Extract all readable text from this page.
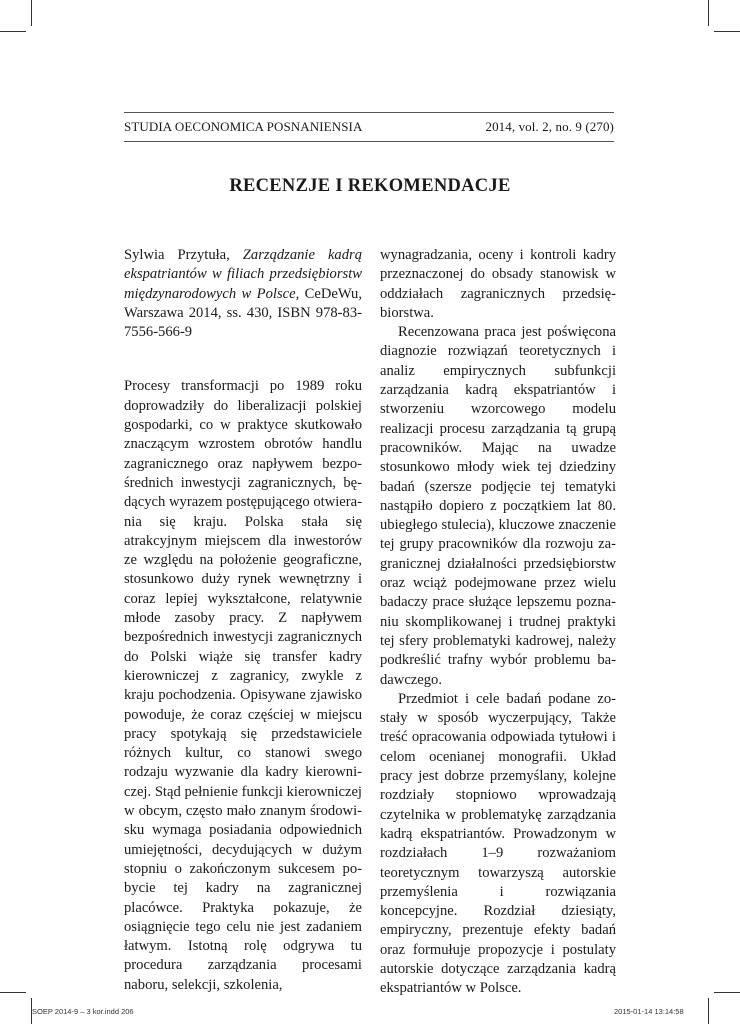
STUDIA OECONOMICA POSNANIENSIA	2014, vol. 2, no. 9 (270)
RECENZJE I REKOMENDACJE

Sylwia Przytuła, Zarządzanie kadrą ekspatriantów w filiach przedsiębiorstw międzynarodowych w Polsce, CeDeWu, Warszawa 2014, ss. 430, ISBN 978-83-7556-566-9

Procesy transformacji po 1989 roku doprowadziły do liberalizacji polskiej gospodarki, co w praktyce skutkowało znaczącym wzrostem obrotów handlu zagranicznego oraz napływem bezpośrednich inwestycji zagranicznych, będących wyrazem postępującego otwierania się kraju. Polska stała się atrakcyjnym miejscem dla inwestorów ze względu na położenie geograficzne, stosunkowo duży rynek wewnętrzny i coraz lepiej wykształcone, relatywnie młode zasoby pracy. Z napływem bezpośrednich inwestycji zagranicznych do Polski wiąże się transfer kadry kierowniczej z zagranicy, zwykle z kraju pochodzenia. Opisywane zjawisko powoduje, że coraz częściej w miejscu pracy spotykają się przedstawiciele różnych kultur, co stanowi swego rodzaju wyzwanie dla kadry kierowniczej. Stąd pełnienie funkcji kierowniczej w obcym, często mało znanym środowisku wymaga posiadania odpowiednich umiejętności, decydujących w dużym stopniu o zakończonym sukcesem pobycie tej kadry na zagranicznej placówce. Praktyka pokazuje, że osiągnięcie tego celu nie jest zadaniem łatwym. Istotną rolę odgrywa tu procedura zarządzania procesami naboru, selekcji, szkolenia,

wynagradzania, oceny i kontroli kadry przeznaczonej do obsady stanowisk w oddziałach zagranicznych przedsiębiorstwa.

Recenzowana praca jest poświęcona diagnozie rozwiązań teoretycznych i analiz empirycznych subfunkcji zarządzania kadrą ekspatriantów i stworzeniu wzorcowego modelu realizacji procesu zarządzania tą grupą pracowników. Mając na uwadze stosunkowo młody wiek tej dziedziny badań (szersze podjęcie tej tematyki nastąpiło dopiero z początkiem lat 80. ubiegłego stulecia), kluczowe znaczenie tej grupy pracowników dla rozwoju zagranicznej działalności przedsiębiorstw oraz wciąż podejmowane przez wielu badaczy prace służące lepszemu poznaniu skomplikowanej i trudnej praktyki tej sfery problematyki kadrowej, należy podkreślić trafny wybór problemu badawczego.

Przedmiot i cele badań podane zostały w sposób wyczerpujący, Także treść opracowania odpowiada tytułowi i celom ocenianej monografii. Układ pracy jest dobrze przemyślany, kolejne rozdziały stopniowo wprowadzają czytelnika w problematykę zarządzania kadrą ekspatriantów. Prowadzonym w rozdziałach 1–9 rozważaniom teoretycznym towarzyszą autorskie przemyślenia i rozwiązania koncepcyjne. Rozdział dziesiąty, empiryczny, prezentuje efekty badań oraz formułuje propozycje i postulaty autorskie dotyczące zarządzania kadrą ekspatriantów w Polsce.

SOEP 2014-9 – 3 kor.indd 206	2015-01-14 13:14:58
